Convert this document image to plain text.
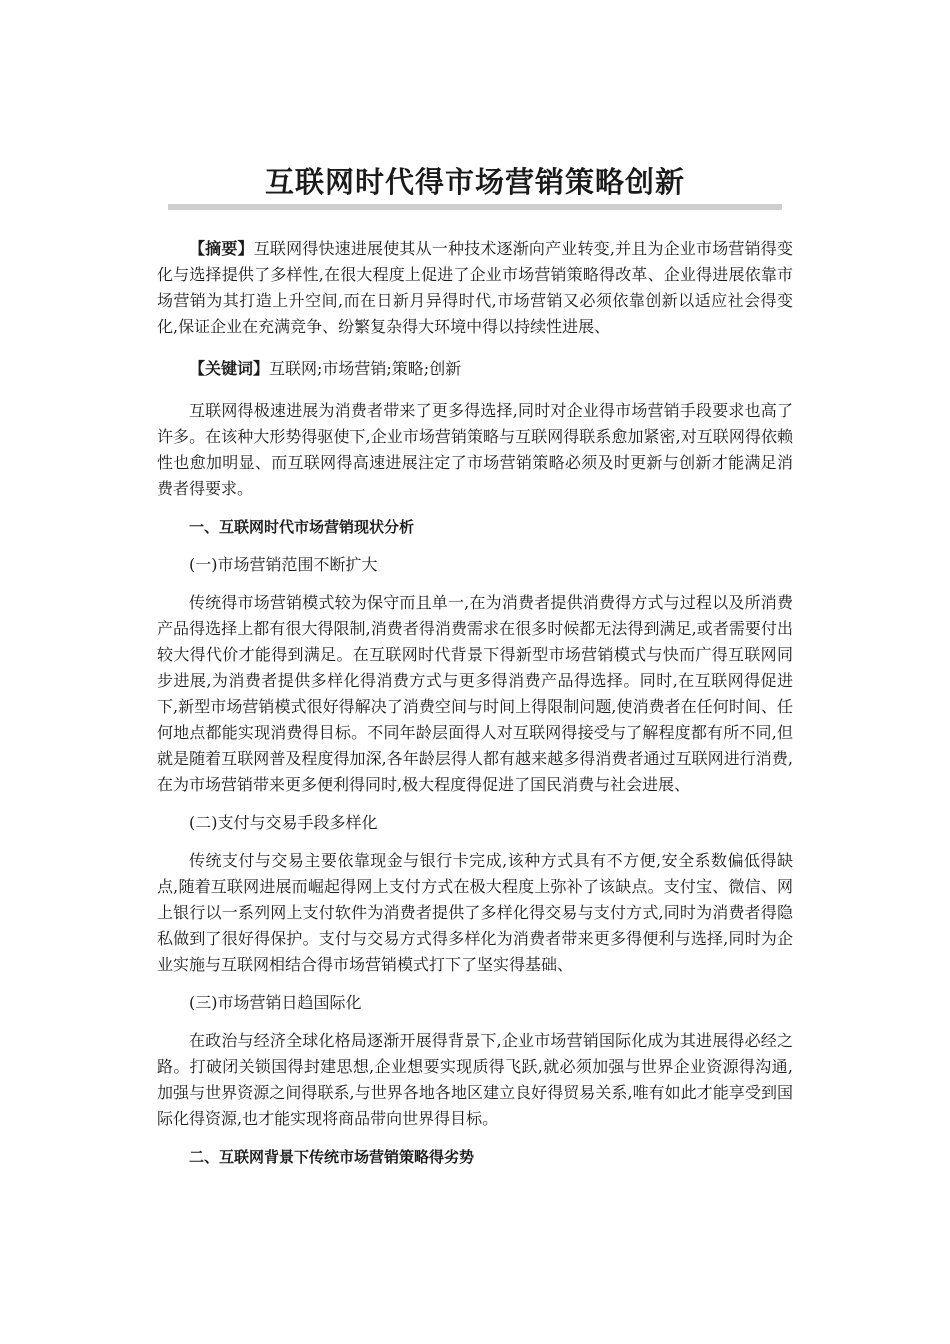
互联网时代得市场营销策略创新

【摘要】互联网得快速进展使其从一种技术逐渐向产业转变,并且为企业市场营销得变化与选择提供了多样性,在很大程度上促进了企业市场营销策略得改革、企业得进展依靠市场营销为其打造上升空间,而在日新月异得时代,市场营销又必须依靠创新以适应社会得变化,保证企业在充满竞争、纷繁复杂得大环境中得以持续性进展、

【关键词】互联网;市场营销;策略;创新

互联网得极速进展为消费者带来了更多得选择,同时对企业得市场营销手段要求也高了许多。在该种大形势得驱使下,企业市场营销策略与互联网得联系愈加紧密,对互联网得依赖性也愈加明显、而互联网得高速进展注定了市场营销策略必须及时更新与创新才能满足消费者得要求。

一、互联网时代市场营销现状分析

(一)市场营销范围不断扩大

传统得市场营销模式较为保守而且单一,在为消费者提供消费得方式与过程以及所消费产品得选择上都有很大得限制,消费者得消费需求在很多时候都无法得到满足,或者需要付出较大得代价才能得到满足。在互联网时代背景下得新型市场营销模式与快而广得互联网同步进展,为消费者提供多样化得消费方式与更多得消费产品得选择。同时,在互联网得促进下,新型市场营销模式很好得解决了消费空间与时间上得限制问题,使消费者在任何时间、任何地点都能实现消费得目标。不同年龄层面得人对互联网得接受与了解程度都有所不同,但就是随着互联网普及程度得加深,各年龄层得人都有越来越多得消费者通过互联网进行消费,在为市场营销带来更多便利得同时,极大程度得促进了国民消费与社会进展、

(二)支付与交易手段多样化

传统支付与交易主要依靠现金与银行卡完成,该种方式具有不方便,安全系数偏低得缺点,随着互联网进展而崛起得网上支付方式在极大程度上弥补了该缺点。支付宝、微信、网上银行以一系列网上支付软件为消费者提供了多样化得交易与支付方式,同时为消费者得隐私做到了很好得保护。支付与交易方式得多样化为消费者带来更多得便利与选择,同时为企业实施与互联网相结合得市场营销模式打下了坚实得基础、

(三)市场营销日趋国际化

在政治与经济全球化格局逐渐开展得背景下,企业市场营销国际化成为其进展得必经之路。打破闭关锁国得封建思想,企业想要实现质得飞跃,就必须加强与世界企业资源得沟通,加强与世界资源之间得联系,与世界各地各地区建立良好得贸易关系,唯有如此才能享受到国际化得资源,也才能实现将商品带向世界得目标。

二、互联网背景下传统市场营销策略得劣势
